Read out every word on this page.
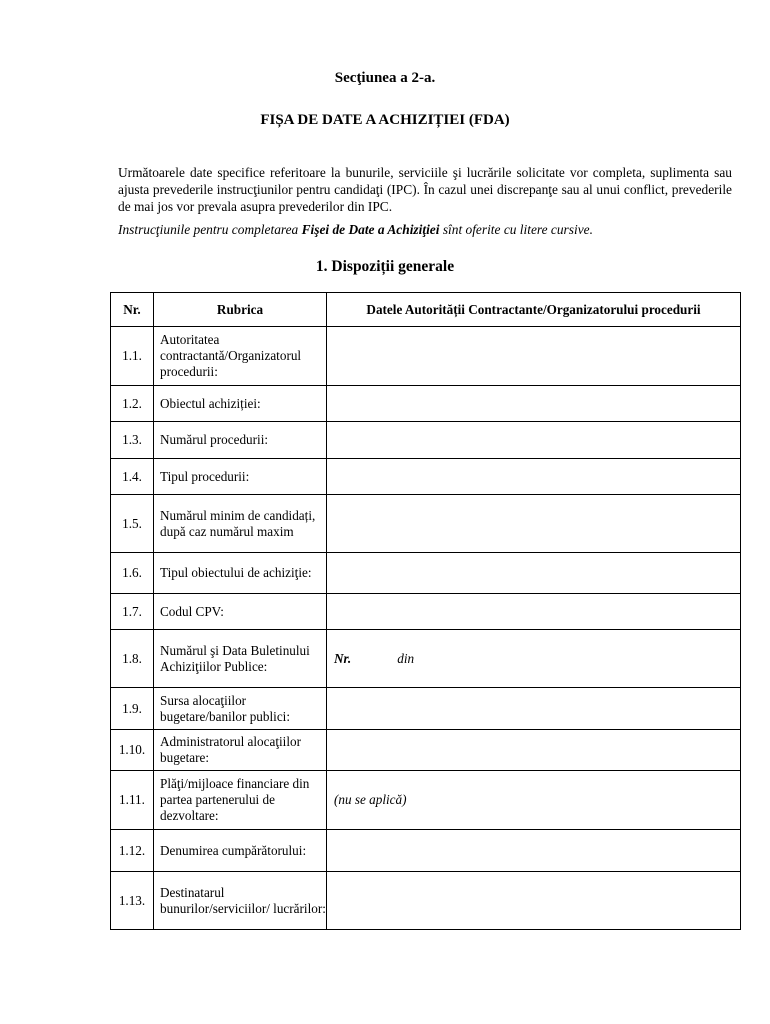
Secţiunea a 2-a.
FIȘA DE DATE A ACHIZIȚIEI (FDA)
Următoarele date specifice referitoare la bunurile, serviciile şi lucrările solicitate vor completa, suplimenta sau ajusta prevederile instrucţiunilor pentru candidaţi (IPC). În cazul unei discrepanţe sau al unui conflict, prevederile de mai jos vor prevala asupra prevederilor din IPC.
Instrucţiunile pentru completarea Fişei de Date a Achiziţiei sînt oferite cu litere cursive.
1. Dispoziții generale
Nr.	Rubrica	Datele Autorității Contractante/Organizatorului procedurii
1.1.	Autoritatea contractantă/Organizatorul procedurii:	
1.2.	Obiectul achiziției:	
1.3.	Numărul procedurii:	
1.4.	Tipul procedurii:	
1.5.	Numărul minim de candidați, după caz numărul maxim	
1.6.	Tipul obiectului de achiziţie:	
1.7.	Codul CPV:	
1.8.	Numărul şi Data Buletinului Achiziţiilor Publice:	Nr. din
1.9.	Sursa alocaţiilor bugetare/banilor publici:	
1.10.	Administratorul alocaţiilor bugetare:	
1.11.	Plăţi/mijloace financiare din partea partenerului de dezvoltare:	(nu se aplică)
1.12.	Denumirea cumpărătorului:	
1.13.	Destinatarul bunurilor/serviciilor/ lucrărilor:	
